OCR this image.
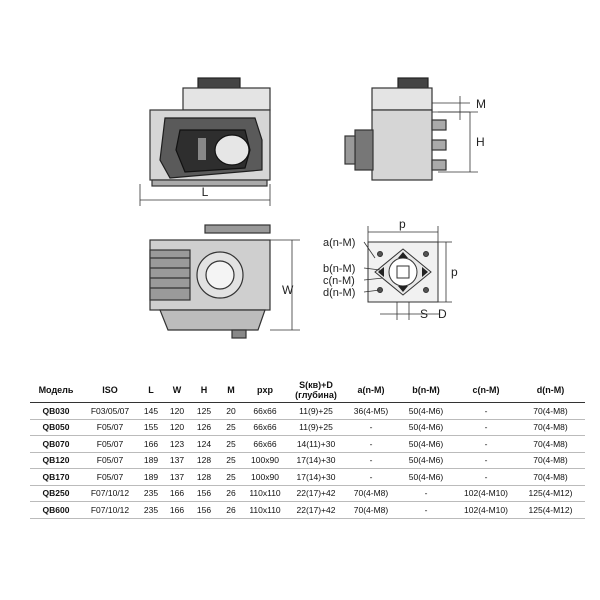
L
M
H
W
p
p
S D
a(n-M)
b(n-M)
c(n-M)
d(n-M)
Модель	ISO	L	W	H	M	pxp	S(кв)+D
(глубина)	a(n-M)	b(n-M)	c(n-M)	d(n-M)
QB030	F03/05/07	145	120	125	20	66x66	11(9)+25	36(4-M5)	50(4-M6)	-	70(4-M8)
QB050	F05/07	155	120	126	25	66x66	11(9)+25	-	50(4-M6)	-	70(4-M8)
QB070	F05/07	166	123	124	25	66x66	14(11)+30	-	50(4-M6)	-	70(4-M8)
QB120	F05/07	189	137	128	25	100x90	17(14)+30	-	50(4-M6)	-	70(4-M8)
QB170	F05/07	189	137	128	25	100x90	17(14)+30	-	50(4-M6)	-	70(4-M8)
QB250	F07/10/12	235	166	156	26	110x110	22(17)+42	70(4-M8)	-	102(4-M10)	125(4-M12)
QB600	F07/10/12	235	166	156	26	110x110	22(17)+42	70(4-M8)	-	102(4-M10)	125(4-M12)
